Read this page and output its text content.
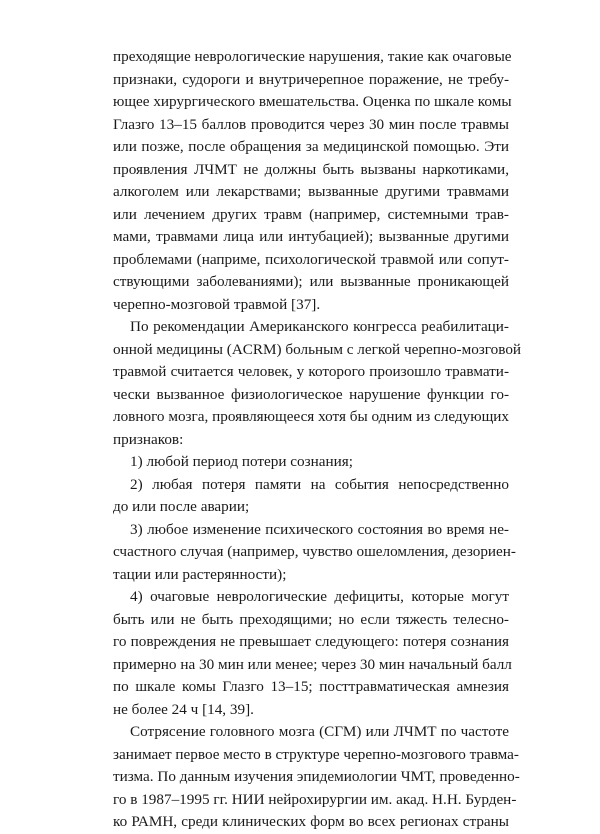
преходящие неврологические нарушения, такие как очаговые
признаки, судороги и внутричерепное поражение, не требу-
ющее хирургического вмешательства. Оценка по шкале комы
Глазго 13–15 баллов проводится через 30 мин после травмы
или позже, после обращения за медицинской помощью. Эти
проявления ЛЧМТ не должны быть вызваны наркотиками,
алкоголем или лекарствами; вызванные другими травмами
или лечением других травм (например, системными трав-
мами, травмами лица или интубацией); вызванные другими
проблемами (наприме, психологической травмой или сопут-
ствующими заболеваниями); или вызванные проникающей
черепно-мозговой травмой [37].
По рекомендации Американского конгресса реабилитаци-
онной медицины (ACRM) больным с легкой черепно-мозговой
травмой считается человек, у которого произошло травмати-
чески вызванное физиологическое нарушение функции го-
ловного мозга, проявляющееся хотя бы одним из следующих
признаков:
1) любой период потери сознания;
2) любая потеря памяти на события непосредственно
до или после аварии;
3) любое изменение психического состояния во время не-
счастного случая (например, чувство ошеломления, дезориен-
тации или растерянности);
4) очаговые неврологические дефициты, которые могут
быть или не быть преходящими; но если тяжесть телесно-
го повреждения не превышает следующего: потеря сознания
примерно на 30 мин или менее; через 30 мин начальный балл
по шкале комы Глазго 13–15; посттравматическая амнезия
не более 24 ч [14, 39].
Сотрясение головного мозга (СГМ) или ЛЧМТ по частоте
занимает первое место в структуре черепно-мозгового травма-
тизма. По данным изучения эпидемиологии ЧМТ, проведенно-
го в 1987–1995 гг. НИИ нейрохирургии им. акад. Н.Н. Бурден-
ко РАМН, среди клинических форм во всех регионах страны
